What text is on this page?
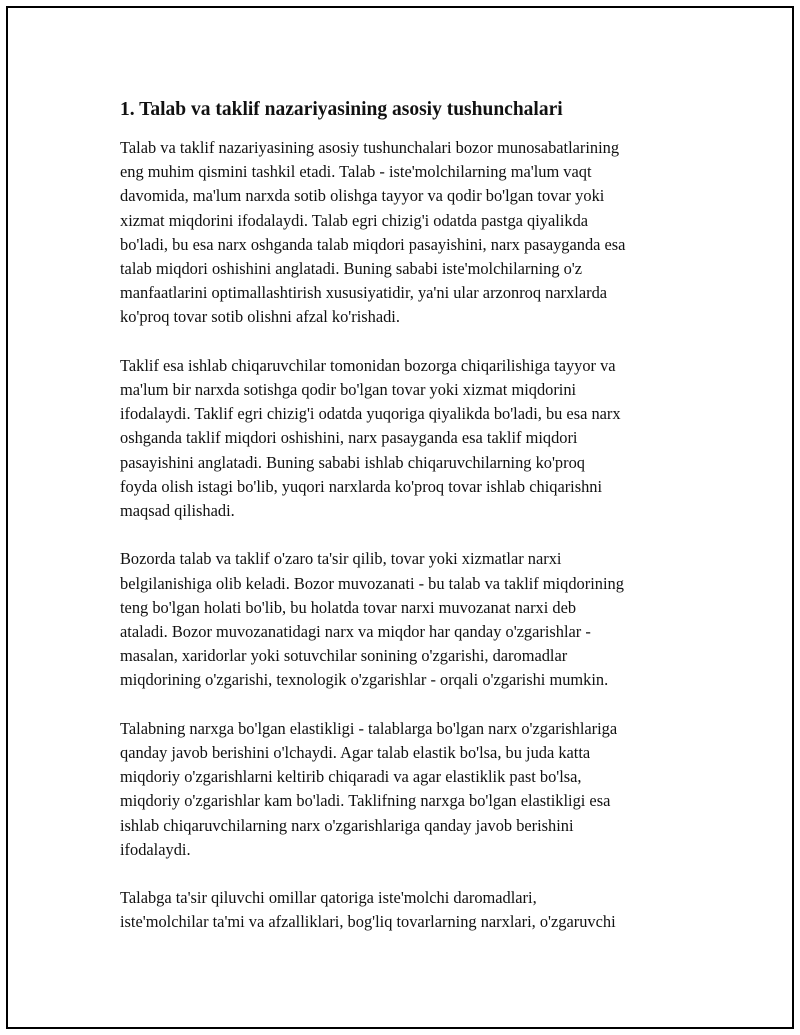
1. Talab va taklif nazariyasining asosiy tushunchalari

Talab va taklif nazariyasining asosiy tushunchalari bozor munosabatlarining
eng muhim qismini tashkil etadi. Talab - iste'molchilarning ma'lum vaqt
davomida, ma'lum narxda sotib olishga tayyor va qodir bo'lgan tovar yoki
xizmat miqdorini ifodalaydi. Talab egri chizig'i odatda pastga qiyalikda
bo'ladi, bu esa narx oshganda talab miqdori pasayishini, narx pasayganda esa
talab miqdori oshishini anglatadi. Buning sababi iste'molchilarning o'z
manfaatlarini optimallashtirish xususiyatidir, ya'ni ular arzonroq narxlarda
ko'proq tovar sotib olishni afzal ko'rishadi.

Taklif esa ishlab chiqaruvchilar tomonidan bozorga chiqarilishiga tayyor va
ma'lum bir narxda sotishga qodir bo'lgan tovar yoki xizmat miqdorini
ifodalaydi. Taklif egri chizig'i odatda yuqoriga qiyalikda bo'ladi, bu esa narx
oshganda taklif miqdori oshishini, narx pasayganda esa taklif miqdori
pasayishini anglatadi. Buning sababi ishlab chiqaruvchilarning ko'proq
foyda olish istagi bo'lib, yuqori narxlarda ko'proq tovar ishlab chiqarishni
maqsad qilishadi.

Bozorda talab va taklif o'zaro ta'sir qilib, tovar yoki xizmatlar narxi
belgilanishiga olib keladi. Bozor muvozanati - bu talab va taklif miqdorining
teng bo'lgan holati bo'lib, bu holatda tovar narxi muvozanat narxi deb
ataladi. Bozor muvozanatidagi narx va miqdor har qanday o'zgarishlar -
masalan, xaridorlar yoki sotuvchilar sonining o'zgarishi, daromadlar
miqdorining o'zgarishi, texnologik o'zgarishlar - orqali o'zgarishi mumkin.

Talabning narxga bo'lgan elastikligi - talablarga bo'lgan narx o'zgarishlariga
qanday javob berishini o'lchaydi. Agar talab elastik bo'lsa, bu juda katta
miqdoriy o'zgarishlarni keltirib chiqaradi va agar elastiklik past bo'lsa,
miqdoriy o'zgarishlar kam bo'ladi. Taklifning narxga bo'lgan elastikligi esa
ishlab chiqaruvchilarning narx o'zgarishlariga qanday javob berishini
ifodalaydi.

Talabga ta'sir qiluvchi omillar qatoriga iste'molchi daromadlari,
iste'molchilar ta'mi va afzalliklari, bog'liq tovarlarning narxlari, o'zgaruvchi
